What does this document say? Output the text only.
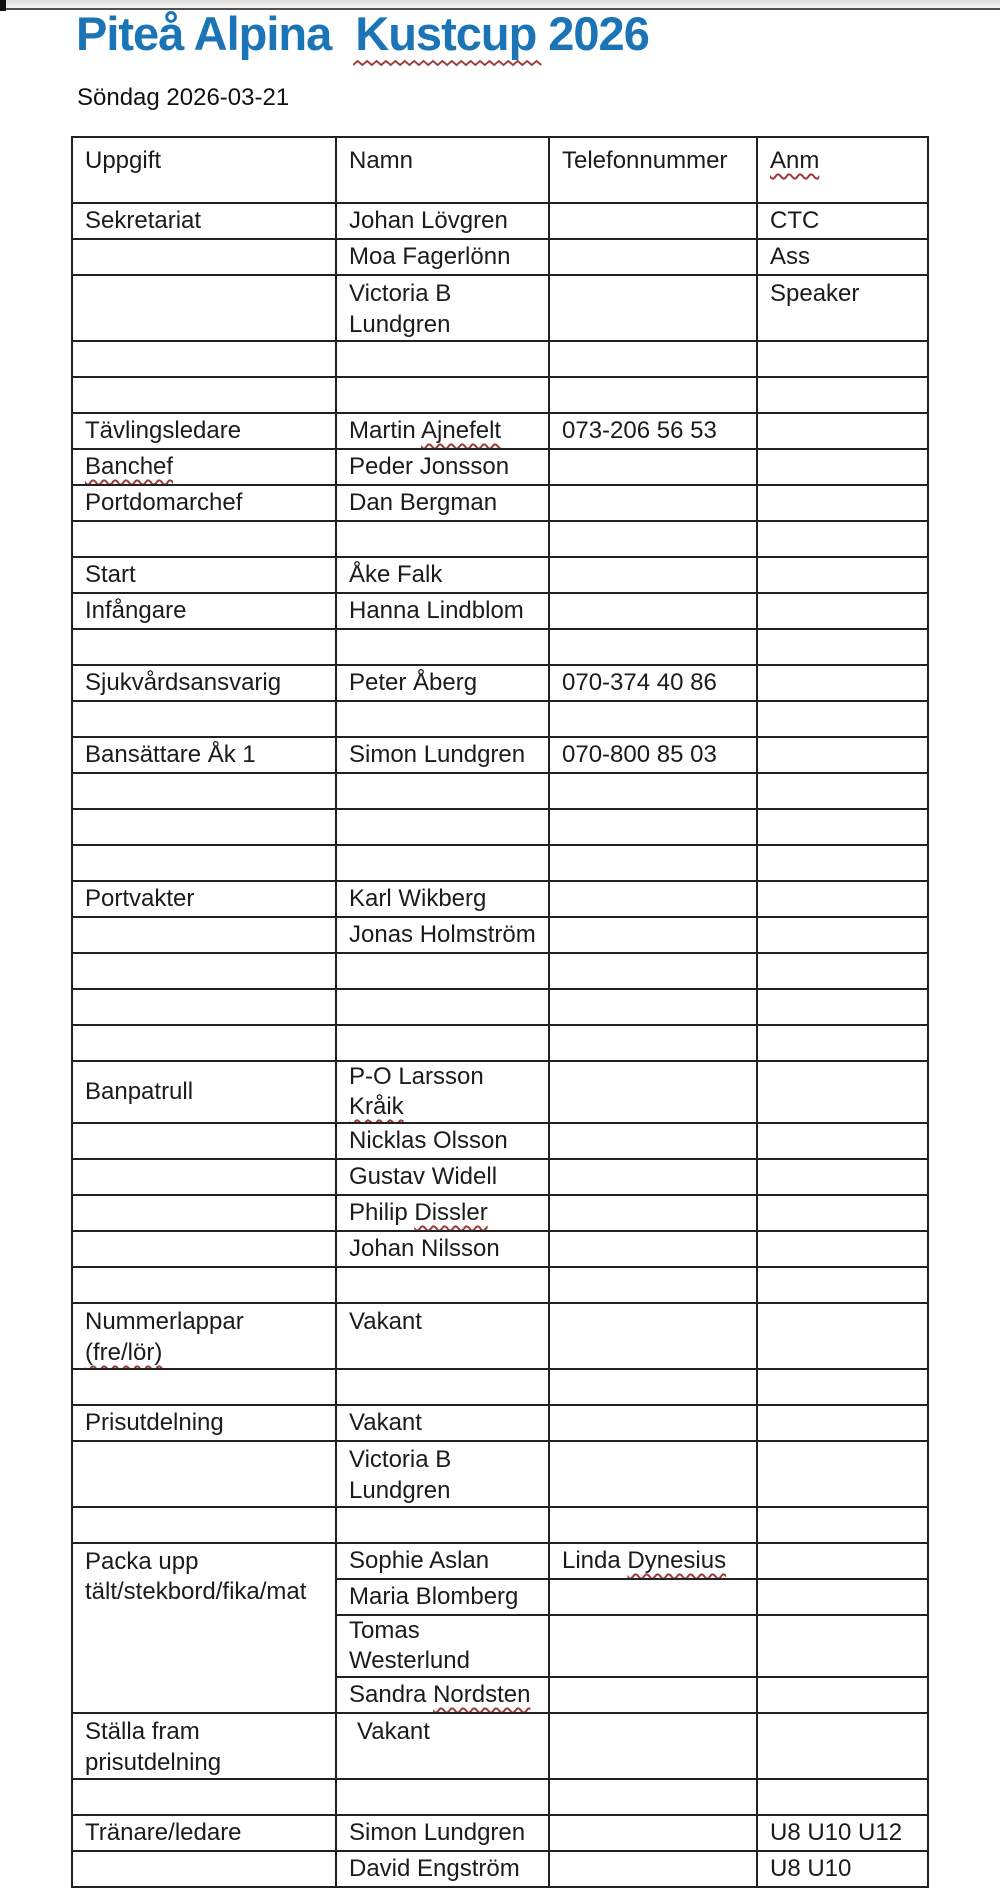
Piteå Alpina Kustcup 2026
Söndag 2026-03-21
Uppgift	Namn	Telefonnummer	Anm

Sekretariat	Johan Lövgren		CTC

	Moa Fagerlönn		Ass

	Victoria B
Lundgren		Speaker

Tävlingsledare	Martin Ajnefelt	073-206 56 53	

Banchef	Peder Jonsson		

Portdomarchef	Dan Bergman		

Start	Åke Falk		

Infångare	Hanna Lindblom		

Sjukvårdsansvarig	Peter Åberg	070-374 40 86	

Bansättare Åk 1	Simon Lundgren	070-800 85 03	

Portvakter	Karl Wikberg		

	Jonas Holmström		

Banpatrull	P-O Larsson Kråik		

	Nicklas Olsson		

	Gustav Widell		

	Philip Dissler		

	Johan Nilsson		

Nummerlappar
(fre/lör)	Vakant		

Prisutdelning	Vakant		

	Victoria B
Lundgren		

Packa upp
tält/stekbord/fika/mat	Sophie Aslan	Linda Dynesius	

	Maria Blomberg		

	Tomas Westerlund		

	Sandra Nordsten		

Ställa fram
prisutdelning	Vakant		

Tränare/ledare	Simon Lundgren		U8 U10 U12

	David Engström		U8 U10
